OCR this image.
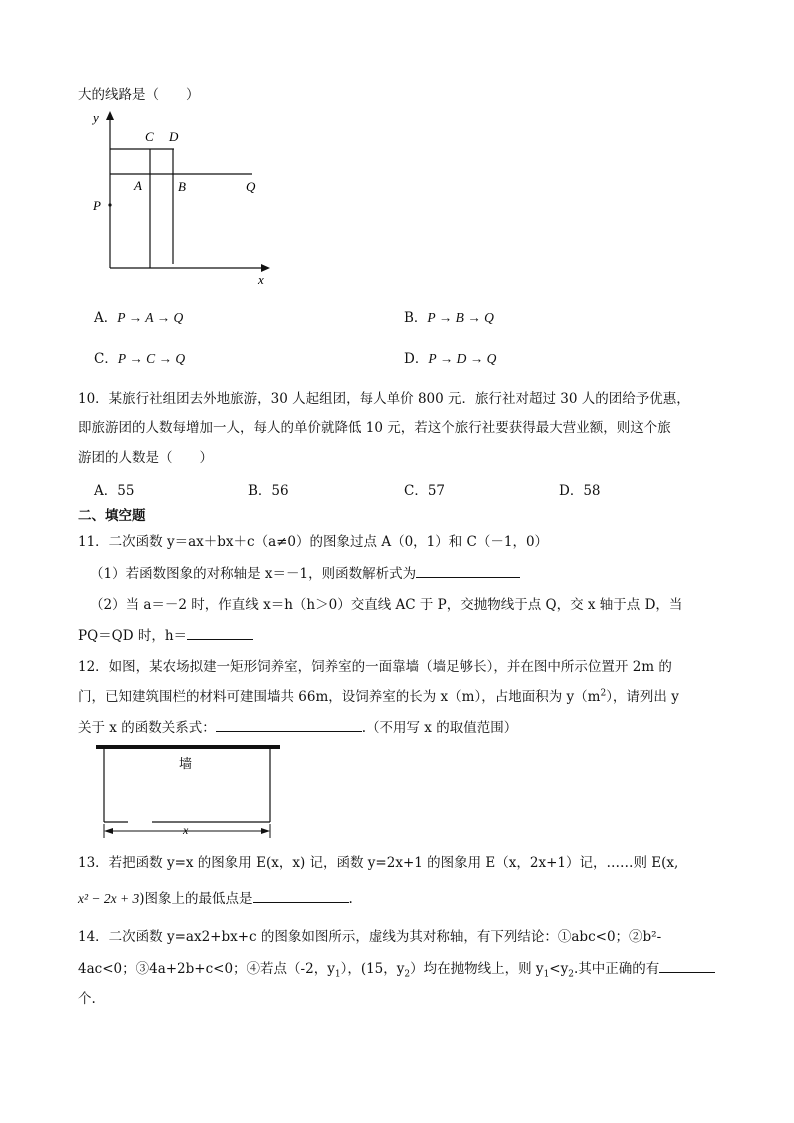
大的线路是（　　）
y
x
C D
A	B
P
Q
A．P → A → Q	B．P → B → Q
C．P → C → Q	D．P → D → Q
10．某旅行社组团去外地旅游，30 人起组团，每人单价 800 元．旅行社对超过 30 人的团给予优惠，
即旅游团的人数每增加一人，每人的单价就降低 10 元，若这个旅行社要获得最大营业额，则这个旅
游团的人数是（　　）
A．55	B．56	C．57	D．58
二、填空题
11．二次函数 y＝ax＋bx＋c（a≠0）的图象过点 A（0，1）和 C（－1，0）
（1）若函数图象的对称轴是 x＝－1，则函数解析式为
（2）当 a＝－2 时，作直线 x＝h（h＞0）交直线 AC 于 P，交抛物线于点 Q，交 x 轴于点 D，当
PQ＝QD 时，h＝
12．如图，某农场拟建一矩形饲养室，饲养室的一面靠墙（墙足够长），并在图中所示位置开 2m 的
门，已知建筑围栏的材料可建围墙共 66m，设饲养室的长为 x（m），占地面积为 $y(m^2)$，请列出 y
关于 x 的函数关系式：	.（不用写 x 的取值范围）
墙
x
13．若把函数 y=x 的图象用 E(x，x) 记，函数 y=2x+1 的图象用 E（x，2x+1）记，……则 E(x,
x² − 2x + 3)图象上的最低点是	.
14．二次函数 y=ax2+bx+c 的图象如图所示，虚线为其对称轴，有下列结论：①abc<0；②b²-
4ac<0；③4a+2b+c<0；④若点（-2，$y_1$），(15，$y_2$）均在抛物线上，则 $y_1<y_2$.其中正确的有
个.
